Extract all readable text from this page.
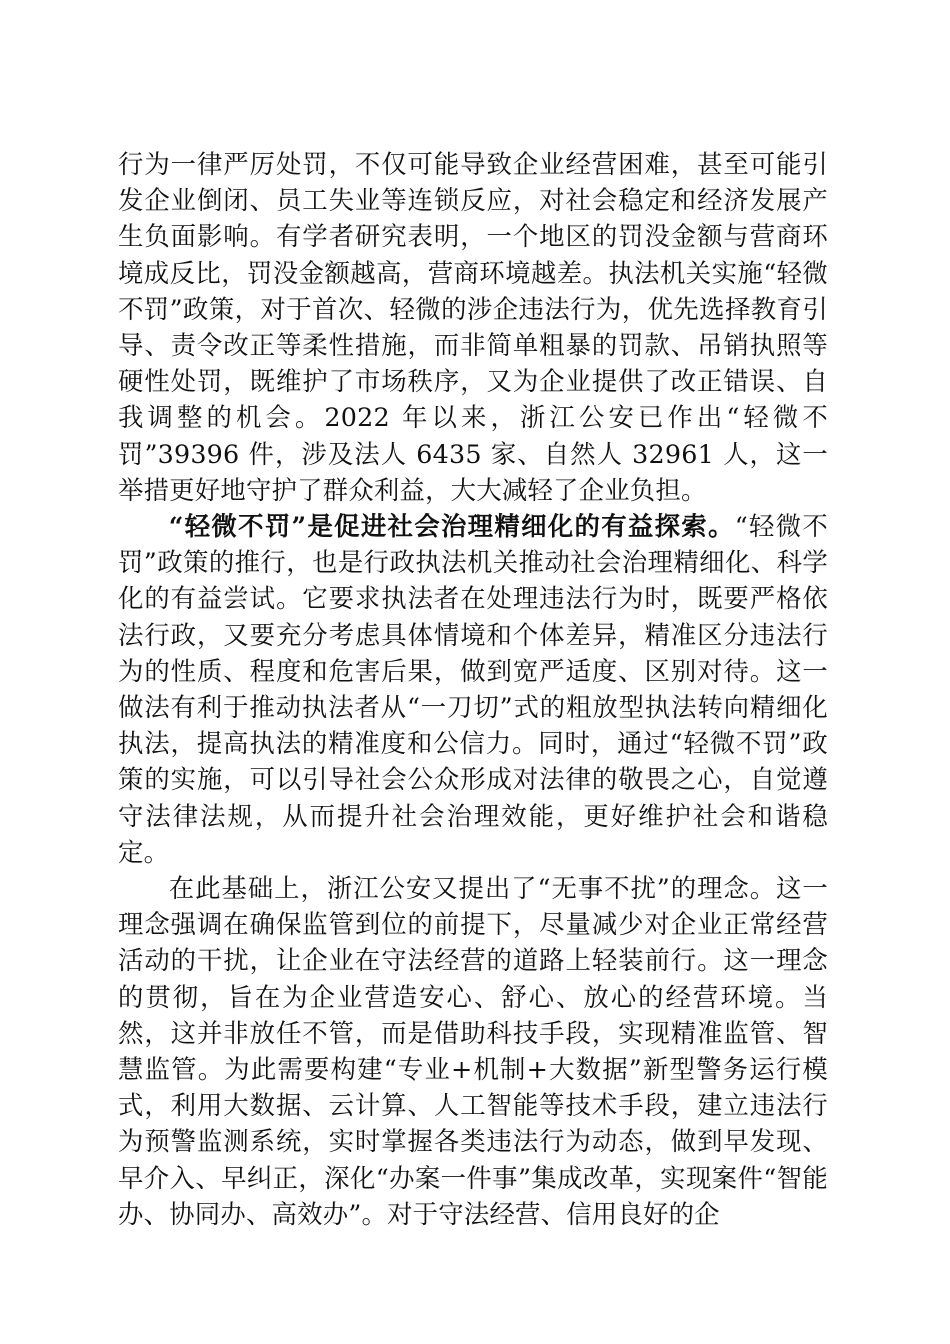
行为一律严厉处罚，不仅可能导致企业经营困难，甚至可能引发企业倒闭、员工失业等连锁反应，对社会稳定和经济发展产生负面影响。有学者研究表明，一个地区的罚没金额与营商环境成反比，罚没金额越高，营商环境越差。执法机关实施“轻微不罚”政策，对于首次、轻微的涉企违法行为，优先选择教育引导、责令改正等柔性措施，而非简单粗暴的罚款、吊销执照等硬性处罚，既维护了市场秩序，又为企业提供了改正错误、自我调整的机会。2022 年以来，浙江公安已作出“轻微不罚”39396 件，涉及法人 6435 家、自然人 32961 人，这一举措更好地守护了群众利益，大大减轻了企业负担。

“轻微不罚”是促进社会治理精细化的有益探索。“轻微不罚”政策的推行，也是行政执法机关推动社会治理精细化、科学化的有益尝试。它要求执法者在处理违法行为时，既要严格依法行政，又要充分考虑具体情境和个体差异，精准区分违法行为的性质、程度和危害后果，做到宽严适度、区别对待。这一做法有利于推动执法者从“一刀切”式的粗放型执法转向精细化执法，提高执法的精准度和公信力。同时，通过“轻微不罚”政策的实施，可以引导社会公众形成对法律的敬畏之心，自觉遵守法律法规，从而提升社会治理效能，更好维护社会和谐稳定。

在此基础上，浙江公安又提出了“无事不扰”的理念。这一理念强调在确保监管到位的前提下，尽量减少对企业正常经营活动的干扰，让企业在守法经营的道路上轻装前行。这一理念的贯彻，旨在为企业营造安心、舒心、放心的经营环境。当然，这并非放任不管，而是借助科技手段，实现精准监管、智慧监管。为此需要构建“专业+机制+大数据”新型警务运行模式，利用大数据、云计算、人工智能等技术手段，建立违法行为预警监测系统，实时掌握各类违法行为动态，做到早发现、早介入、早纠正，深化“办案一件事”集成改革，实现案件“智能办、协同办、高效办”。对于守法经营、信用良好的企
